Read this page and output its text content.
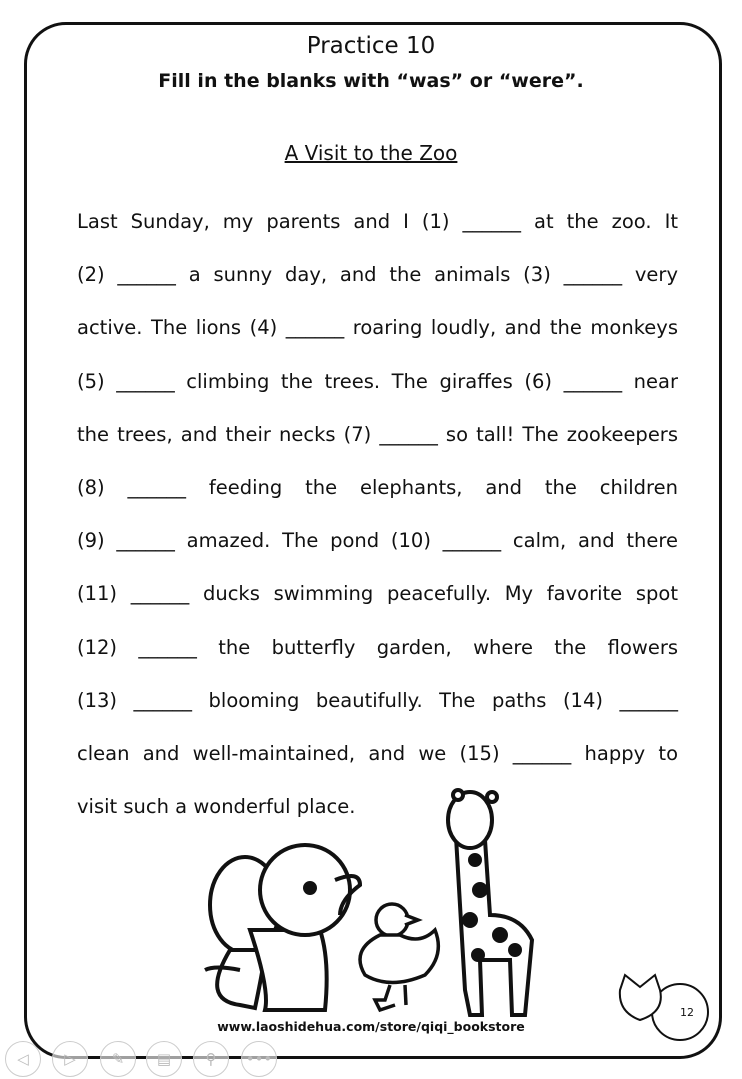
Practice 10
Fill in the blanks with “was” or “were”.
A Visit to the Zoo
Last Sunday, my parents and I (1) ______ at the zoo. It
(2) ______ a sunny day, and the animals (3) ______ very
active. The lions (4) ______ roaring loudly, and the monkeys
(5) ______ climbing the trees. The giraffes (6) ______ near
the trees, and their necks (7) ______ so tall! The zookeepers
(8) ______ feeding the elephants, and the children
(9) ______ amazed. The pond (10) ______ calm, and there
(11) ______ ducks swimming peacefully. My favorite spot
(12) ______ the butterfly garden, where the flowers
(13) ______ blooming beautifully. The paths (14) ______
clean and well-maintained, and we (15) ______ happy to
visit such a wonderful place.
12
www.laoshidehua.com/store/qiqi_bookstore
◁ ▷ ✎ ▤ ⚲ •••
